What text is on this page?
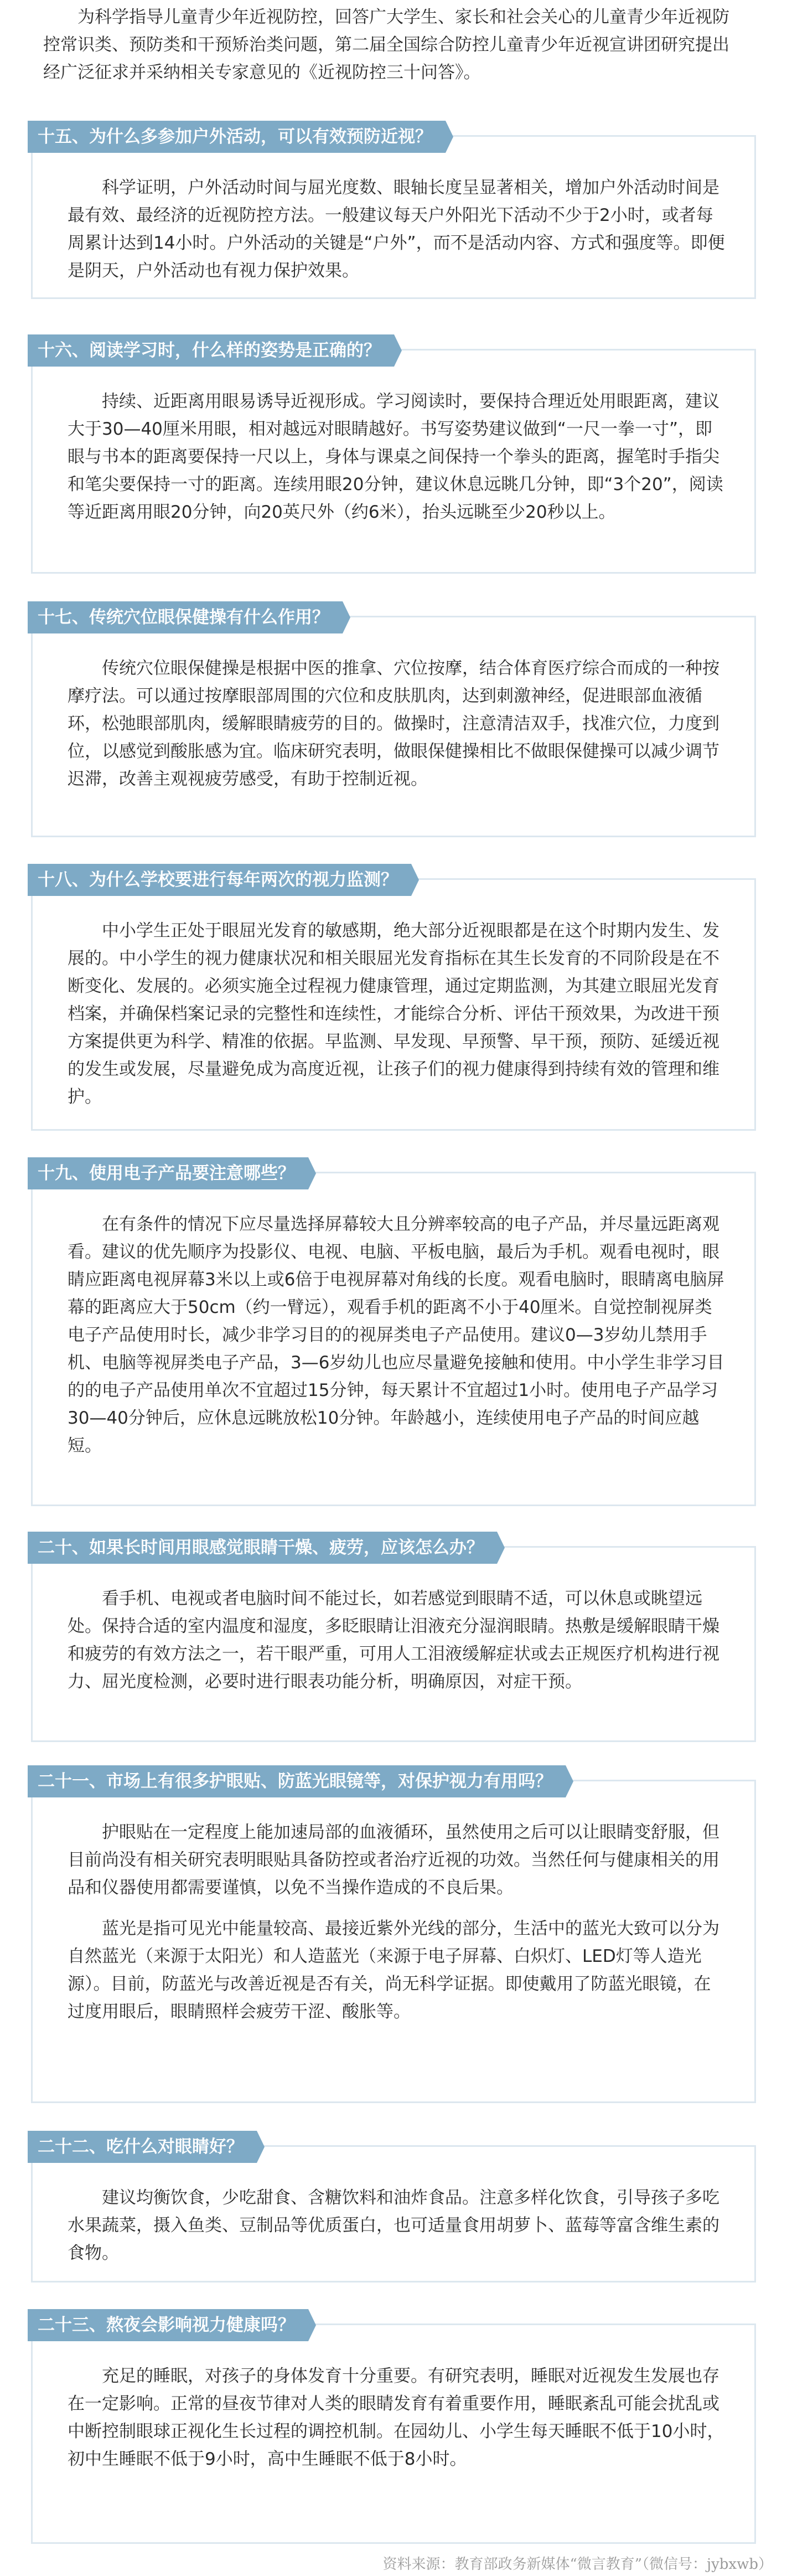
为科学指导儿童青少年近视防控，回答广大学生、家长和社会关心的儿童青少年近视防控常识类、预防类和干预矫治类问题，第二届全国综合防控儿童青少年近视宣讲团研究提出经广泛征求并采纳相关专家意见的《近视防控三十问答》。

十五、为什么多参加户外活动，可以有效预防近视？

科学证明，户外活动时间与屈光度数、眼轴长度呈显著相关，增加户外活动时间是最有效、最经济的近视防控方法。一般建议每天户外阳光下活动不少于2小时，或者每周累计达到14小时。户外活动的关键是“户外”，而不是活动内容、方式和强度等。即便是阴天，户外活动也有视力保护效果。

十六、阅读学习时，什么样的姿势是正确的？

持续、近距离用眼易诱导近视形成。学习阅读时，要保持合理近处用眼距离，建议大于30—40厘米用眼，相对越远对眼睛越好。书写姿势建议做到“一尺一拳一寸”，即眼与书本的距离要保持一尺以上，身体与课桌之间保持一个拳头的距离，握笔时手指尖和笔尖要保持一寸的距离。连续用眼20分钟，建议休息远眺几分钟，即“3个20”，阅读等近距离用眼20分钟，向20英尺外（约6米），抬头远眺至少20秒以上。

十七、传统穴位眼保健操有什么作用？

传统穴位眼保健操是根据中医的推拿、穴位按摩，结合体育医疗综合而成的一种按摩疗法。可以通过按摩眼部周围的穴位和皮肤肌肉，达到刺激神经，促进眼部血液循环，松弛眼部肌肉，缓解眼睛疲劳的目的。做操时，注意清洁双手，找准穴位，力度到位，以感觉到酸胀感为宜。临床研究表明，做眼保健操相比不做眼保健操可以减少调节迟滞，改善主观视疲劳感受，有助于控制近视。

十八、为什么学校要进行每年两次的视力监测？

中小学生正处于眼屈光发育的敏感期，绝大部分近视眼都是在这个时期内发生、发展的。中小学生的视力健康状况和相关眼屈光发育指标在其生长发育的不同阶段是在不断变化、发展的。必须实施全过程视力健康管理，通过定期监测，为其建立眼屈光发育档案，并确保档案记录的完整性和连续性，才能综合分析、评估干预效果，为改进干预方案提供更为科学、精准的依据。早监测、早发现、早预警、早干预，预防、延缓近视的发生或发展，尽量避免成为高度近视，让孩子们的视力健康得到持续有效的管理和维护。

十九、使用电子产品要注意哪些？

在有条件的情况下应尽量选择屏幕较大且分辨率较高的电子产品，并尽量远距离观看。建议的优先顺序为投影仪、电视、电脑、平板电脑，最后为手机。观看电视时，眼睛应距离电视屏幕3米以上或6倍于电视屏幕对角线的长度。观看电脑时，眼睛离电脑屏幕的距离应大于50cm（约一臂远），观看手机的距离不小于40厘米。自觉控制视屏类电子产品使用时长，减少非学习目的的视屏类电子产品使用。建议0—3岁幼儿禁用手机、电脑等视屏类电子产品，3—6岁幼儿也应尽量避免接触和使用。中小学生非学习目的的电子产品使用单次不宜超过15分钟，每天累计不宜超过1小时。使用电子产品学习30—40分钟后，应休息远眺放松10分钟。年龄越小，连续使用电子产品的时间应越短。

二十、如果长时间用眼感觉眼睛干燥、疲劳，应该怎么办？

看手机、电视或者电脑时间不能过长，如若感觉到眼睛不适，可以休息或眺望远处。保持合适的室内温度和湿度，多眨眼睛让泪液充分湿润眼睛。热敷是缓解眼睛干燥和疲劳的有效方法之一，若干眼严重，可用人工泪液缓解症状或去正规医疗机构进行视力、屈光度检测，必要时进行眼表功能分析，明确原因，对症干预。

二十一、市场上有很多护眼贴、防蓝光眼镜等，对保护视力有用吗？

护眼贴在一定程度上能加速局部的血液循环，虽然使用之后可以让眼睛变舒服，但目前尚没有相关研究表明眼贴具备防控或者治疗近视的功效。当然任何与健康相关的用品和仪器使用都需要谨慎，以免不当操作造成的不良后果。

蓝光是指可见光中能量较高、最接近紫外光线的部分，生活中的蓝光大致可以分为自然蓝光（来源于太阳光）和人造蓝光（来源于电子屏幕、白炽灯、LED灯等人造光源）。目前，防蓝光与改善近视是否有关，尚无科学证据。即使戴用了防蓝光眼镜，在过度用眼后，眼睛照样会疲劳干涩、酸胀等。

二十二、吃什么对眼睛好？

建议均衡饮食，少吃甜食、含糖饮料和油炸食品。注意多样化饮食，引导孩子多吃水果蔬菜，摄入鱼类、豆制品等优质蛋白，也可适量食用胡萝卜、蓝莓等富含维生素的食物。

二十三、熬夜会影响视力健康吗？

充足的睡眠，对孩子的身体发育十分重要。有研究表明，睡眠对近视发生发展也存在一定影响。正常的昼夜节律对人类的眼睛发育有着重要作用，睡眠紊乱可能会扰乱或中断控制眼球正视化生长过程的调控机制。在园幼儿、小学生每天睡眠不低于10小时，初中生睡眠不低于9小时，高中生睡眠不低于8小时。

资料来源：教育部政务新媒体“微言教育”（微信号：jybxwb）
